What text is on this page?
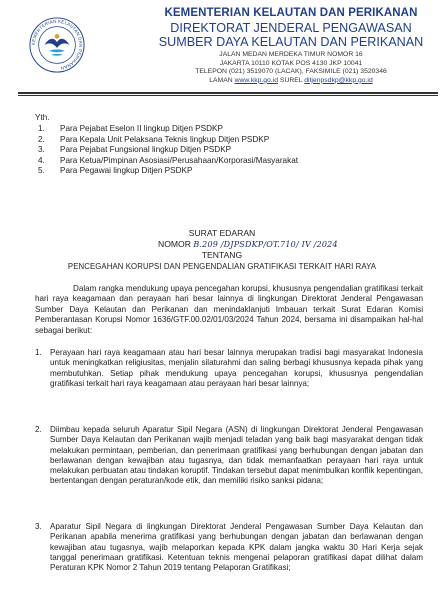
KEMENTERIAN KELAUTAN DAN PERIKANAN
KEMENTERIAN KELAUTAN DAN PERIKANAN
DIREKTORAT JENDERAL PENGAWASAN
SUMBER DAYA KELAUTAN DAN PERIKANAN
JALAN MEDAN MERDEKA TIMUR NOMOR 16
JAKARTA 10110 KOTAK POS 4130 JKP 10041
TELEPON (021) 3519070 (LACAK), FAKSIMILE (021) 3520346
LAMAN www.kkp.go.id SUREL ditjenpsdkp@kkp.go.id
Yth.
1.	Para Pejabat Eselon II lingkup Ditjen PSDKP
2.	Para Kepala Unit Pelaksana Teknis lingkup Ditjen PSDKP
3.	Para Pejabat Fungsional lingkup Ditjen PSDKP
4.	Para Ketua/Pimpinan Asosiasi/Perusahaan/Korporasi/Masyarakat
5.	Para Pegawai lingkup Ditjen PSDKP
SURAT EDARAN
NOMOR B.209 /DJPSDKP/OT.710/ IV /2024
TENTANG
PENCEGAHAN KORUPSI DAN PENGENDALIAN GRATIFIKASI TERKAIT HARI RAYA
Dalam rangka mendukung upaya pencegahan korupsi, khususnya pengendalian gratifikasi terkait hari raya keagamaan dan perayaan hari besar lainnya di lingkungan Direktorat Jenderal Pengawasan Sumber Daya Kelautan dan Perikanan dan menindaklanjuti Imbauan terkait Surat Edaran Komisi Pemberantasan Korupsi Nomor 1636/GTF.00.02/01/03/2024 Tahun 2024, bersama ini disampaikan hal-hal sebagai berikut:
1. Perayaan hari raya keagamaan atau hari besar lainnya merupakan tradisi bagi masyarakat Indonesia untuk meningkatkan religiusitas, menjalin silaturahmi dan saling berbagi khususnya kepada pihak yang membutuhkan. Setiap pihak mendukung upaya pencegahan korupsi, khususnya pengendalian gratifikasi terkait hari raya keagamaan atau perayaan hari besar lainnya;
2. Diimbau kepada seluruh Aparatur Sipil Negara (ASN) di lingkungan Direktorat Jenderal Pengawasan Sumber Daya Kelautan dan Perikanan wajib menjadi teladan yang baik bagi masyarakat dengan tidak melakukan permintaan, pemberian, dan penerimaan gratifikasi yang berhubungan dengan jabatan dan berlawanan dengan kewajiban atau tugasnya, dan tidak memanfaatkan perayaan hari raya untuk melakukan perbuatan atau tindakan koruptif. Tindakan tersebut dapat menimbulkan konflik kepentingan, bertentangan dengan peraturan/kode etik, dan memiliki risiko sanksi pidana;
3. Aparatur Sipil Negara di lingkungan Direktorat Jenderal Pengawasan Sumber Daya Kelautan dan Perikanan apabila menerima gratifikasi yang berhubungan dengan jabatan dan berlawanan dengan kewajiban atau tugasnya, wajib melaporkan kepada KPK dalam jangka waktu 30 Hari Kerja sejak tanggal penerimaan gratifikasi. Ketentuan teknis mengenai pelaporan gratifikasi dapat dilihat dalam Peraturan KPK Nomor 2 Tahun 2019 tentang Pelaporan Gratifikasi;
